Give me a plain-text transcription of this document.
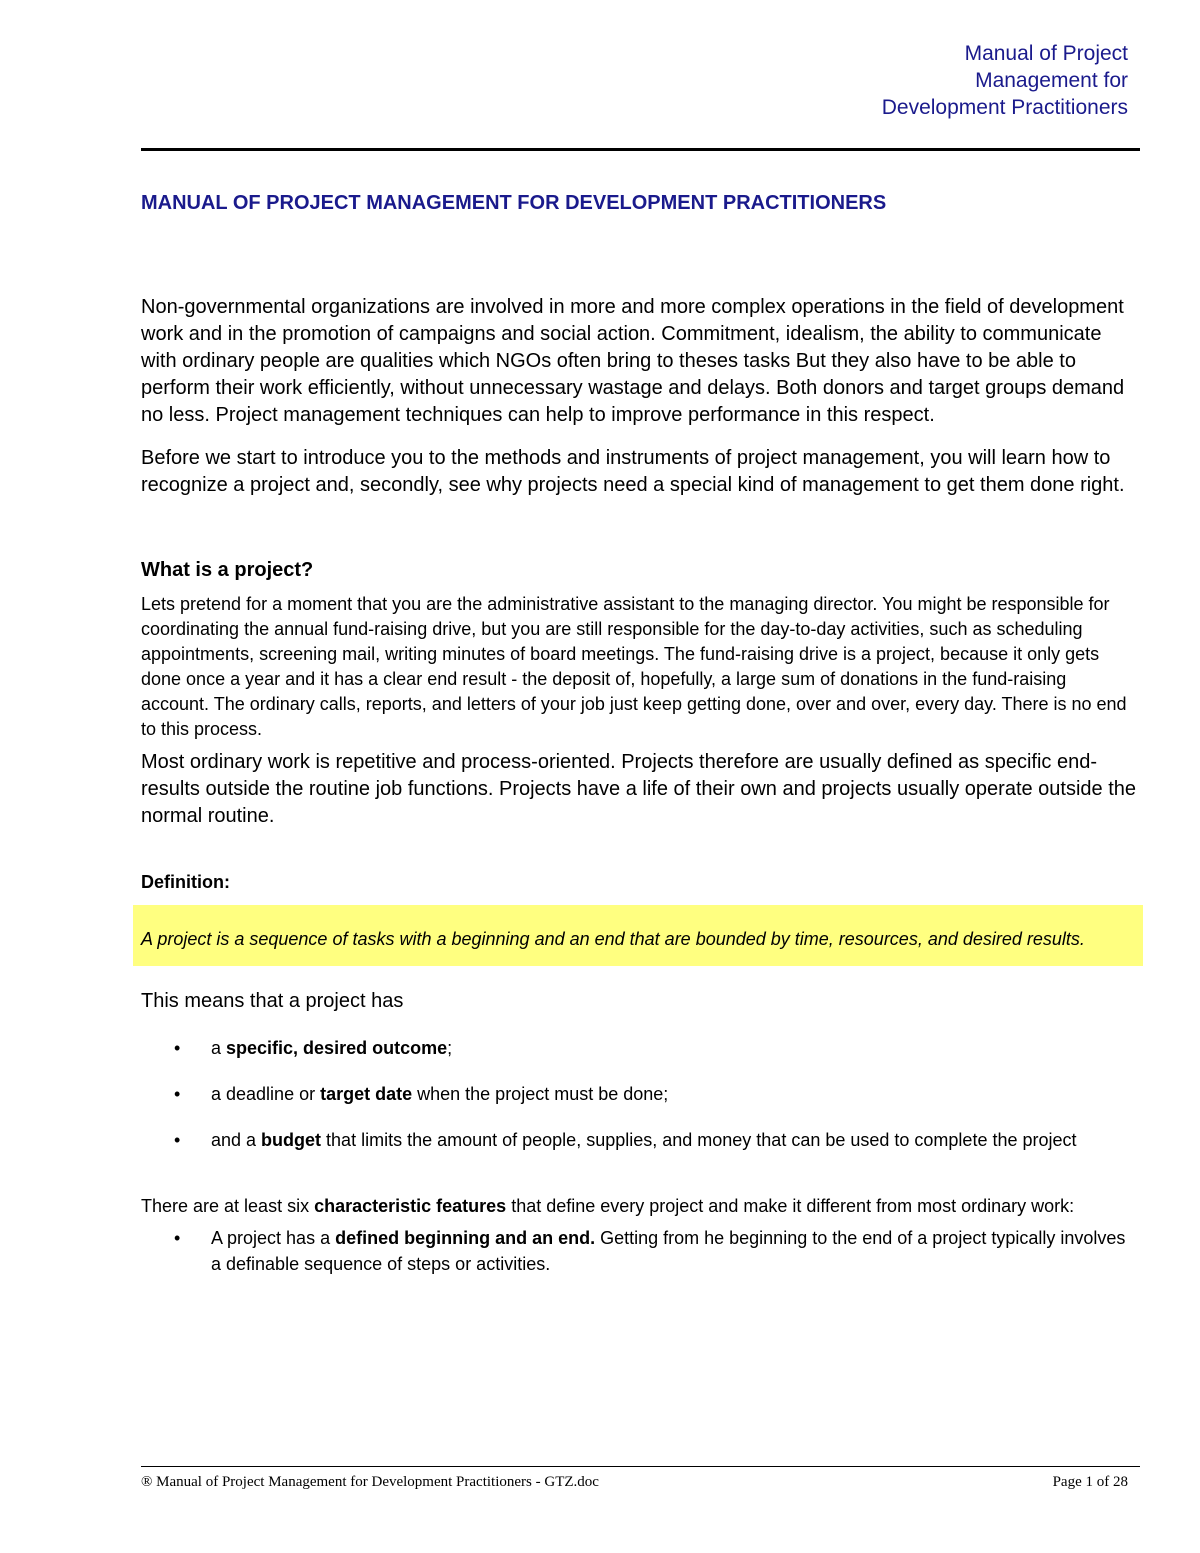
Manual of Project
Management for
Development Practitioners
MANUAL OF PROJECT MANAGEMENT FOR DEVELOPMENT PRACTITIONERS

Non-governmental organizations are involved in more and more complex operations in the field of development work and in the promotion of campaigns and social action. Commitment, idealism, the ability to communicate with ordinary people are qualities which NGOs often bring to theses tasks But they also have to be able to perform their work efficiently, without unnecessary wastage and delays. Both donors and target groups demand no less. Project management techniques can help to improve performance in this respect.

Before we start to introduce you to the methods and instruments of project management, you will learn how to recognize a project and, secondly, see why projects need a special kind of management to get them done right.

What is a project?

Lets pretend for a moment that you are the administrative assistant to the managing director. You might be responsible for coordinating the annual fund-raising drive, but you are still responsible for the day-to-day activities, such as scheduling appointments, screening mail, writing minutes of board meetings. The fund-raising drive is a project, because it only gets done once a year and it has a clear end result - the deposit of, hopefully, a large sum of donations in the fund-raising account. The ordinary calls, reports, and letters of your job just keep getting done, over and over, every day. There is no end to this process.

Most ordinary work is repetitive and process-oriented. Projects therefore are usually defined as specific end-results outside the routine job functions. Projects have a life of their own and projects usually operate outside the normal routine.

Definition:
A project is a sequence of tasks with a beginning and an end that are bounded by time, resources, and desired results.
This means that a project has
• a specific, desired outcome;
• a deadline or target date when the project must be done;
• and a budget that limits the amount of people, supplies, and money that can be used to complete the project

There are at least six characteristic features that define every project and make it different from most ordinary work:

• A project has a defined beginning and an end. Getting from he beginning to the end of a project typically involves a definable sequence of steps or activities.
® Manual of Project Management for Development Practitioners - GTZ.doc	Page 1 of 28
